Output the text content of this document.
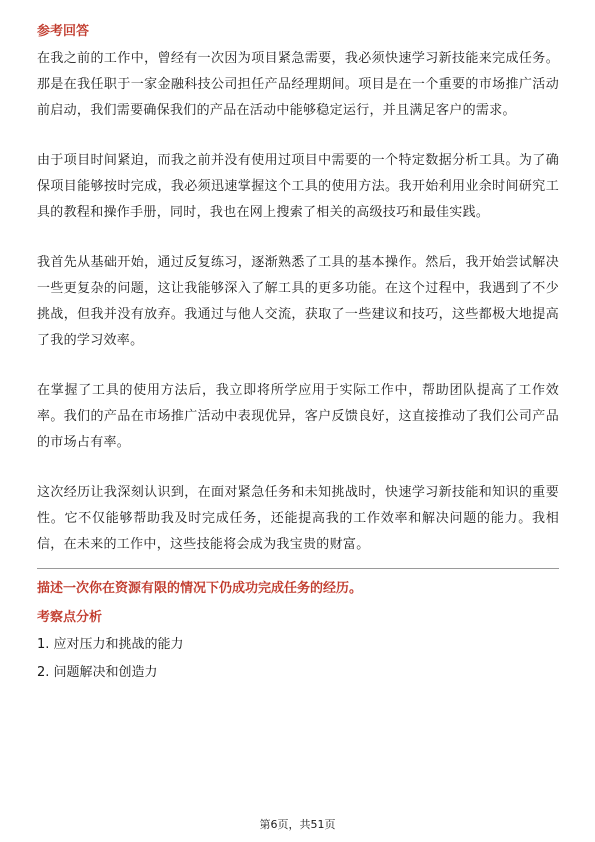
参考回答

在我之前的工作中，曾经有一次因为项目紧急需要，我必须快速学习新技能来完成任务。那是在我任职于一家金融科技公司担任产品经理期间。项目是在一个重要的市场推广活动前启动，我们需要确保我们的产品在活动中能够稳定运行，并且满足客户的需求。

由于项目时间紧迫，而我之前并没有使用过项目中需要的一个特定数据分析工具。为了确保项目能够按时完成，我必须迅速掌握这个工具的使用方法。我开始利用业余时间研究工具的教程和操作手册，同时，我也在网上搜索了相关的高级技巧和最佳实践。

我首先从基础开始，通过反复练习，逐渐熟悉了工具的基本操作。然后，我开始尝试解决一些更复杂的问题，这让我能够深入了解工具的更多功能。在这个过程中，我遇到了不少挑战，但我并没有放弃。我通过与他人交流，获取了一些建议和技巧，这些都极大地提高了我的学习效率。

在掌握了工具的使用方法后，我立即将所学应用于实际工作中，帮助团队提高了工作效率。我们的产品在市场推广活动中表现优异，客户反馈良好，这直接推动了我们公司产品的市场占有率。

这次经历让我深刻认识到，在面对紧急任务和未知挑战时，快速学习新技能和知识的重要性。它不仅能够帮助我及时完成任务，还能提高我的工作效率和解决问题的能力。我相信，在未来的工作中，这些技能将会成为我宝贵的财富。

描述一次你在资源有限的情况下仍成功完成任务的经历。

考察点分析

1. 应对压力和挑战的能力

2. 问题解决和创造力

第6页，共51页
